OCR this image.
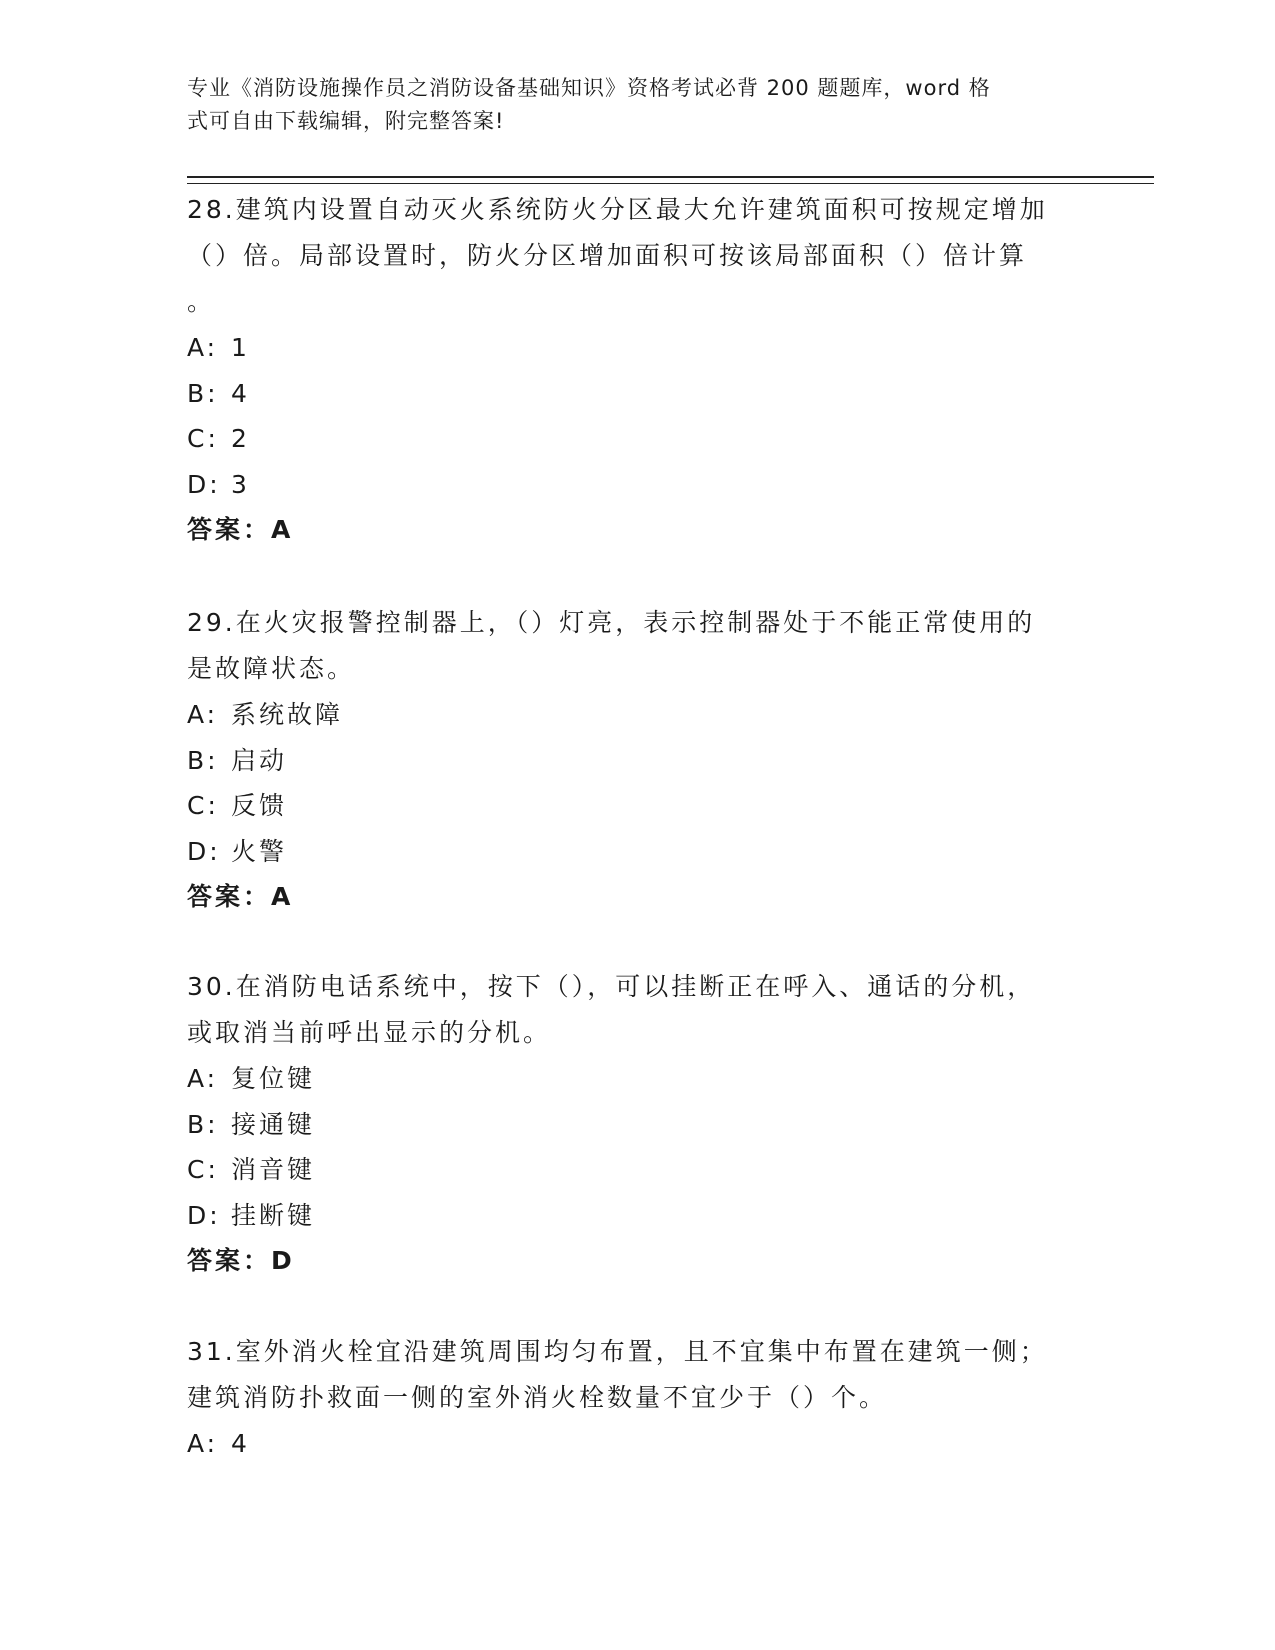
专业《消防设施操作员之消防设备基础知识》资格考试必背 200 题题库，word 格
式可自由下载编辑，附完整答案!
28.建筑内设置自动灭火系统防火分区最大允许建筑面积可按规定增加
（）倍。局部设置时，防火分区增加面积可按该局部面积（）倍计算
。
A: 1
B: 4
C: 2
D: 3
答案：A
29.在火灾报警控制器上，（）灯亮，表示控制器处于不能正常使用的
是故障状态。
A: 系统故障
B: 启动
C: 反馈
D: 火警
答案：A
30.在消防电话系统中，按下（），可以挂断正在呼入、通话的分机，
或取消当前呼出显示的分机。
A: 复位键
B: 接通键
C: 消音键
D: 挂断键
答案：D
31.室外消火栓宜沿建筑周围均匀布置，且不宜集中布置在建筑一侧；
建筑消防扑救面一侧的室外消火栓数量不宜少于（）个。
A: 4
